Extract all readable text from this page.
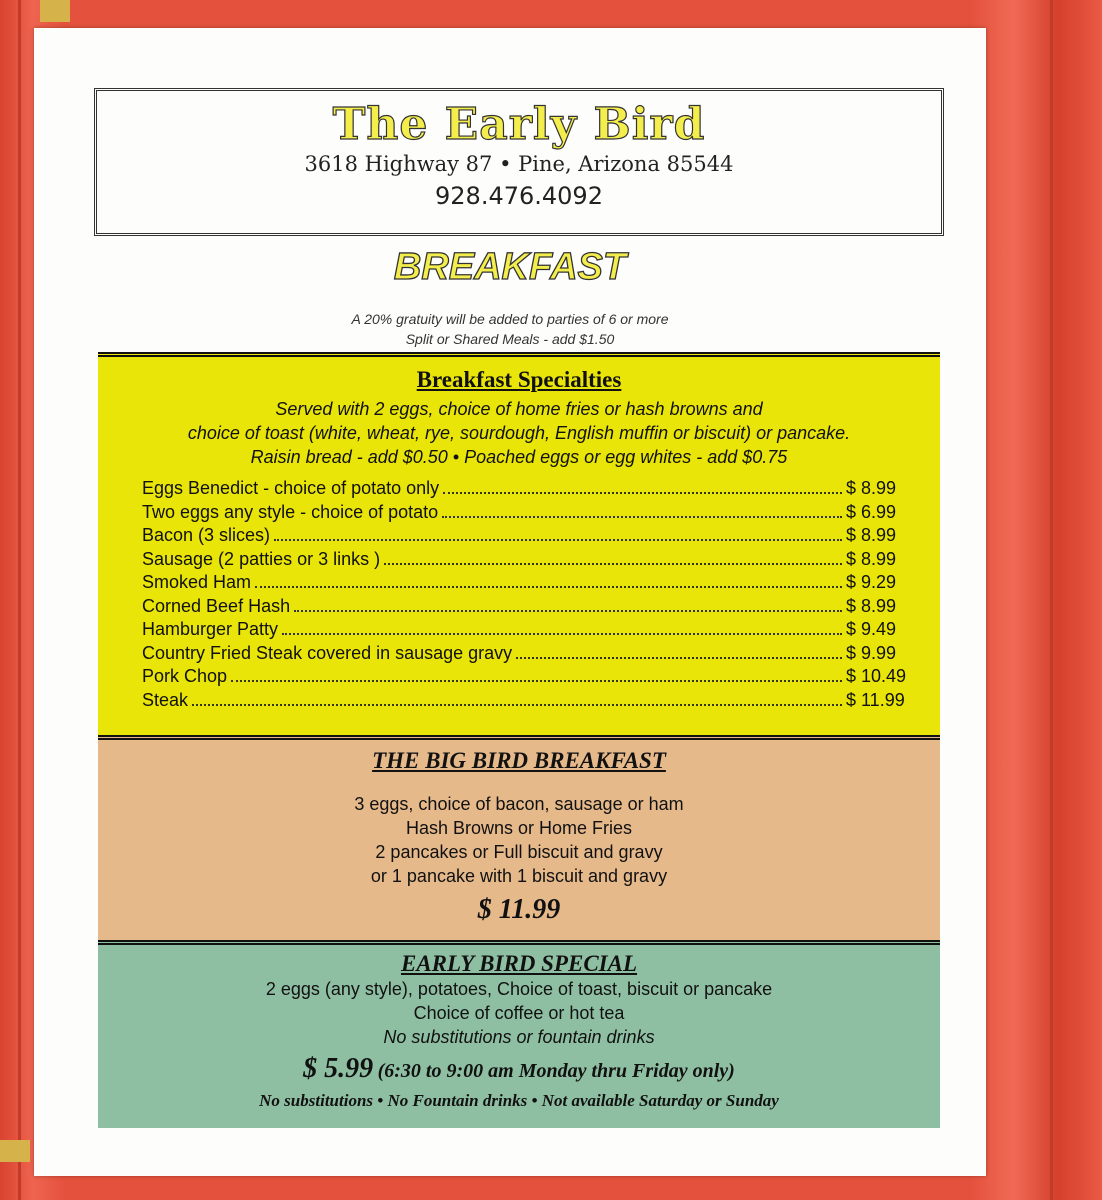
The Early Bird
3618 Highway 87 • Pine, Arizona 85544
928.476.4092
BREAKFAST
A 20% gratuity will be added to parties of 6 or more
Split or Shared Meals - add $1.50
Breakfast Specialties
Served with 2 eggs, choice of home fries or hash browns and
choice of toast (white, wheat, rye, sourdough, English muffin or biscuit) or pancake.
Raisin bread - add $0.50 • Poached eggs or egg whites - add $0.75
Eggs Benedict - choice of potato only	$ 8.99
Two eggs any style - choice of potato	$ 6.99
Bacon (3 slices)	$ 8.99
Sausage (2 patties or 3 links )	$ 8.99
Smoked Ham	$ 9.29
Corned Beef Hash	$ 8.99
Hamburger Patty	$ 9.49
Country Fried Steak covered in sausage gravy	$ 9.99
Pork Chop	$ 10.49
Steak	$ 11.99
THE BIG BIRD BREAKFAST

3 eggs, choice of bacon, sausage or ham

Hash Browns or Home Fries

2 pancakes or Full biscuit and gravy

or 1 pancake with 1 biscuit and gravy

$ 11.99
EARLY BIRD SPECIAL

2 eggs (any style), potatoes, Choice of toast, biscuit or pancake

Choice of coffee or hot tea

No substitutions or fountain drinks

$ 5.99 (6:30 to 9:00 am Monday thru Friday only)
No substitutions • No Fountain drinks • Not available Saturday or Sunday
